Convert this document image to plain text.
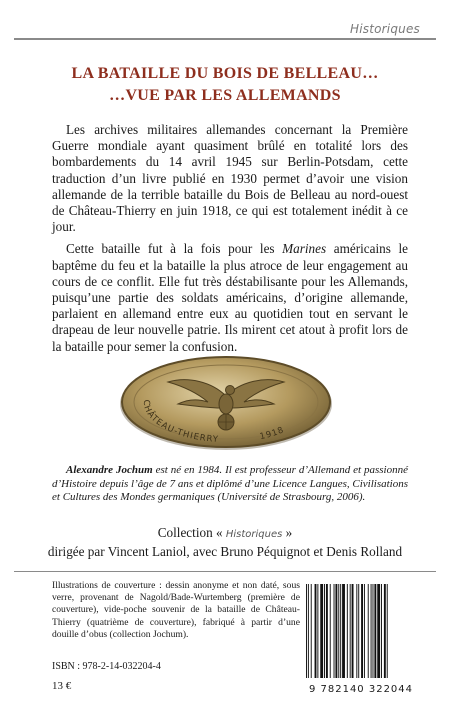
Historiques

LA BATAILLE DU BOIS DE BELLEAU…

…VUE PAR LES ALLEMANDS

Les archives militaires allemandes concernant la Première Guerre mondiale ayant quasiment brûlé en totalité lors des bombardements du 14 avril 1945 sur Berlin-Potsdam, cette traduction d’un livre publié en 1930 permet d’avoir une vision allemande de la terrible bataille du Bois de Belleau au nord-ouest de Château-Thierry en juin 1918, ce qui est totalement inédit à ce jour.

Cette bataille fut à la fois pour les Marines américains le baptême du feu et la bataille la plus atroce de leur engagement au cours de ce conflit. Elle fut très déstabilisante pour les Allemands, puisqu’une partie des soldats américains, d’origine allemande, parlaient en allemand entre eux au quotidien tout en servant le drapeau de leur nouvelle patrie. Ils mirent cet atout à profit lors de la bataille pour semer la confusion.

CHÂTEAU-THIERRY	1918
Alexandre Jochum est né en 1984. Il est professeur d’Allemand et passionné d’Histoire depuis l’âge de 7 ans et diplômé d’une Licence Langues, Civilisations et Cultures des Mondes germaniques (Université de Strasbourg, 2006).
Collection « Historiques »
dirigée par Vincent Laniol, avec Bruno Péquignot et Denis Rolland
Illustrations de couverture : dessin anonyme et non daté, sous verre, provenant de Nagold/Bade-Wurtemberg (première de couverture), vide-poche souvenir de la bataille de Château-Thierry (quatrième de couverture), fabriqué à partir d’une douille d’obus (collection Jochum).
ISBN : 978-2-14-032204-4
13 €	9 782140 322044
